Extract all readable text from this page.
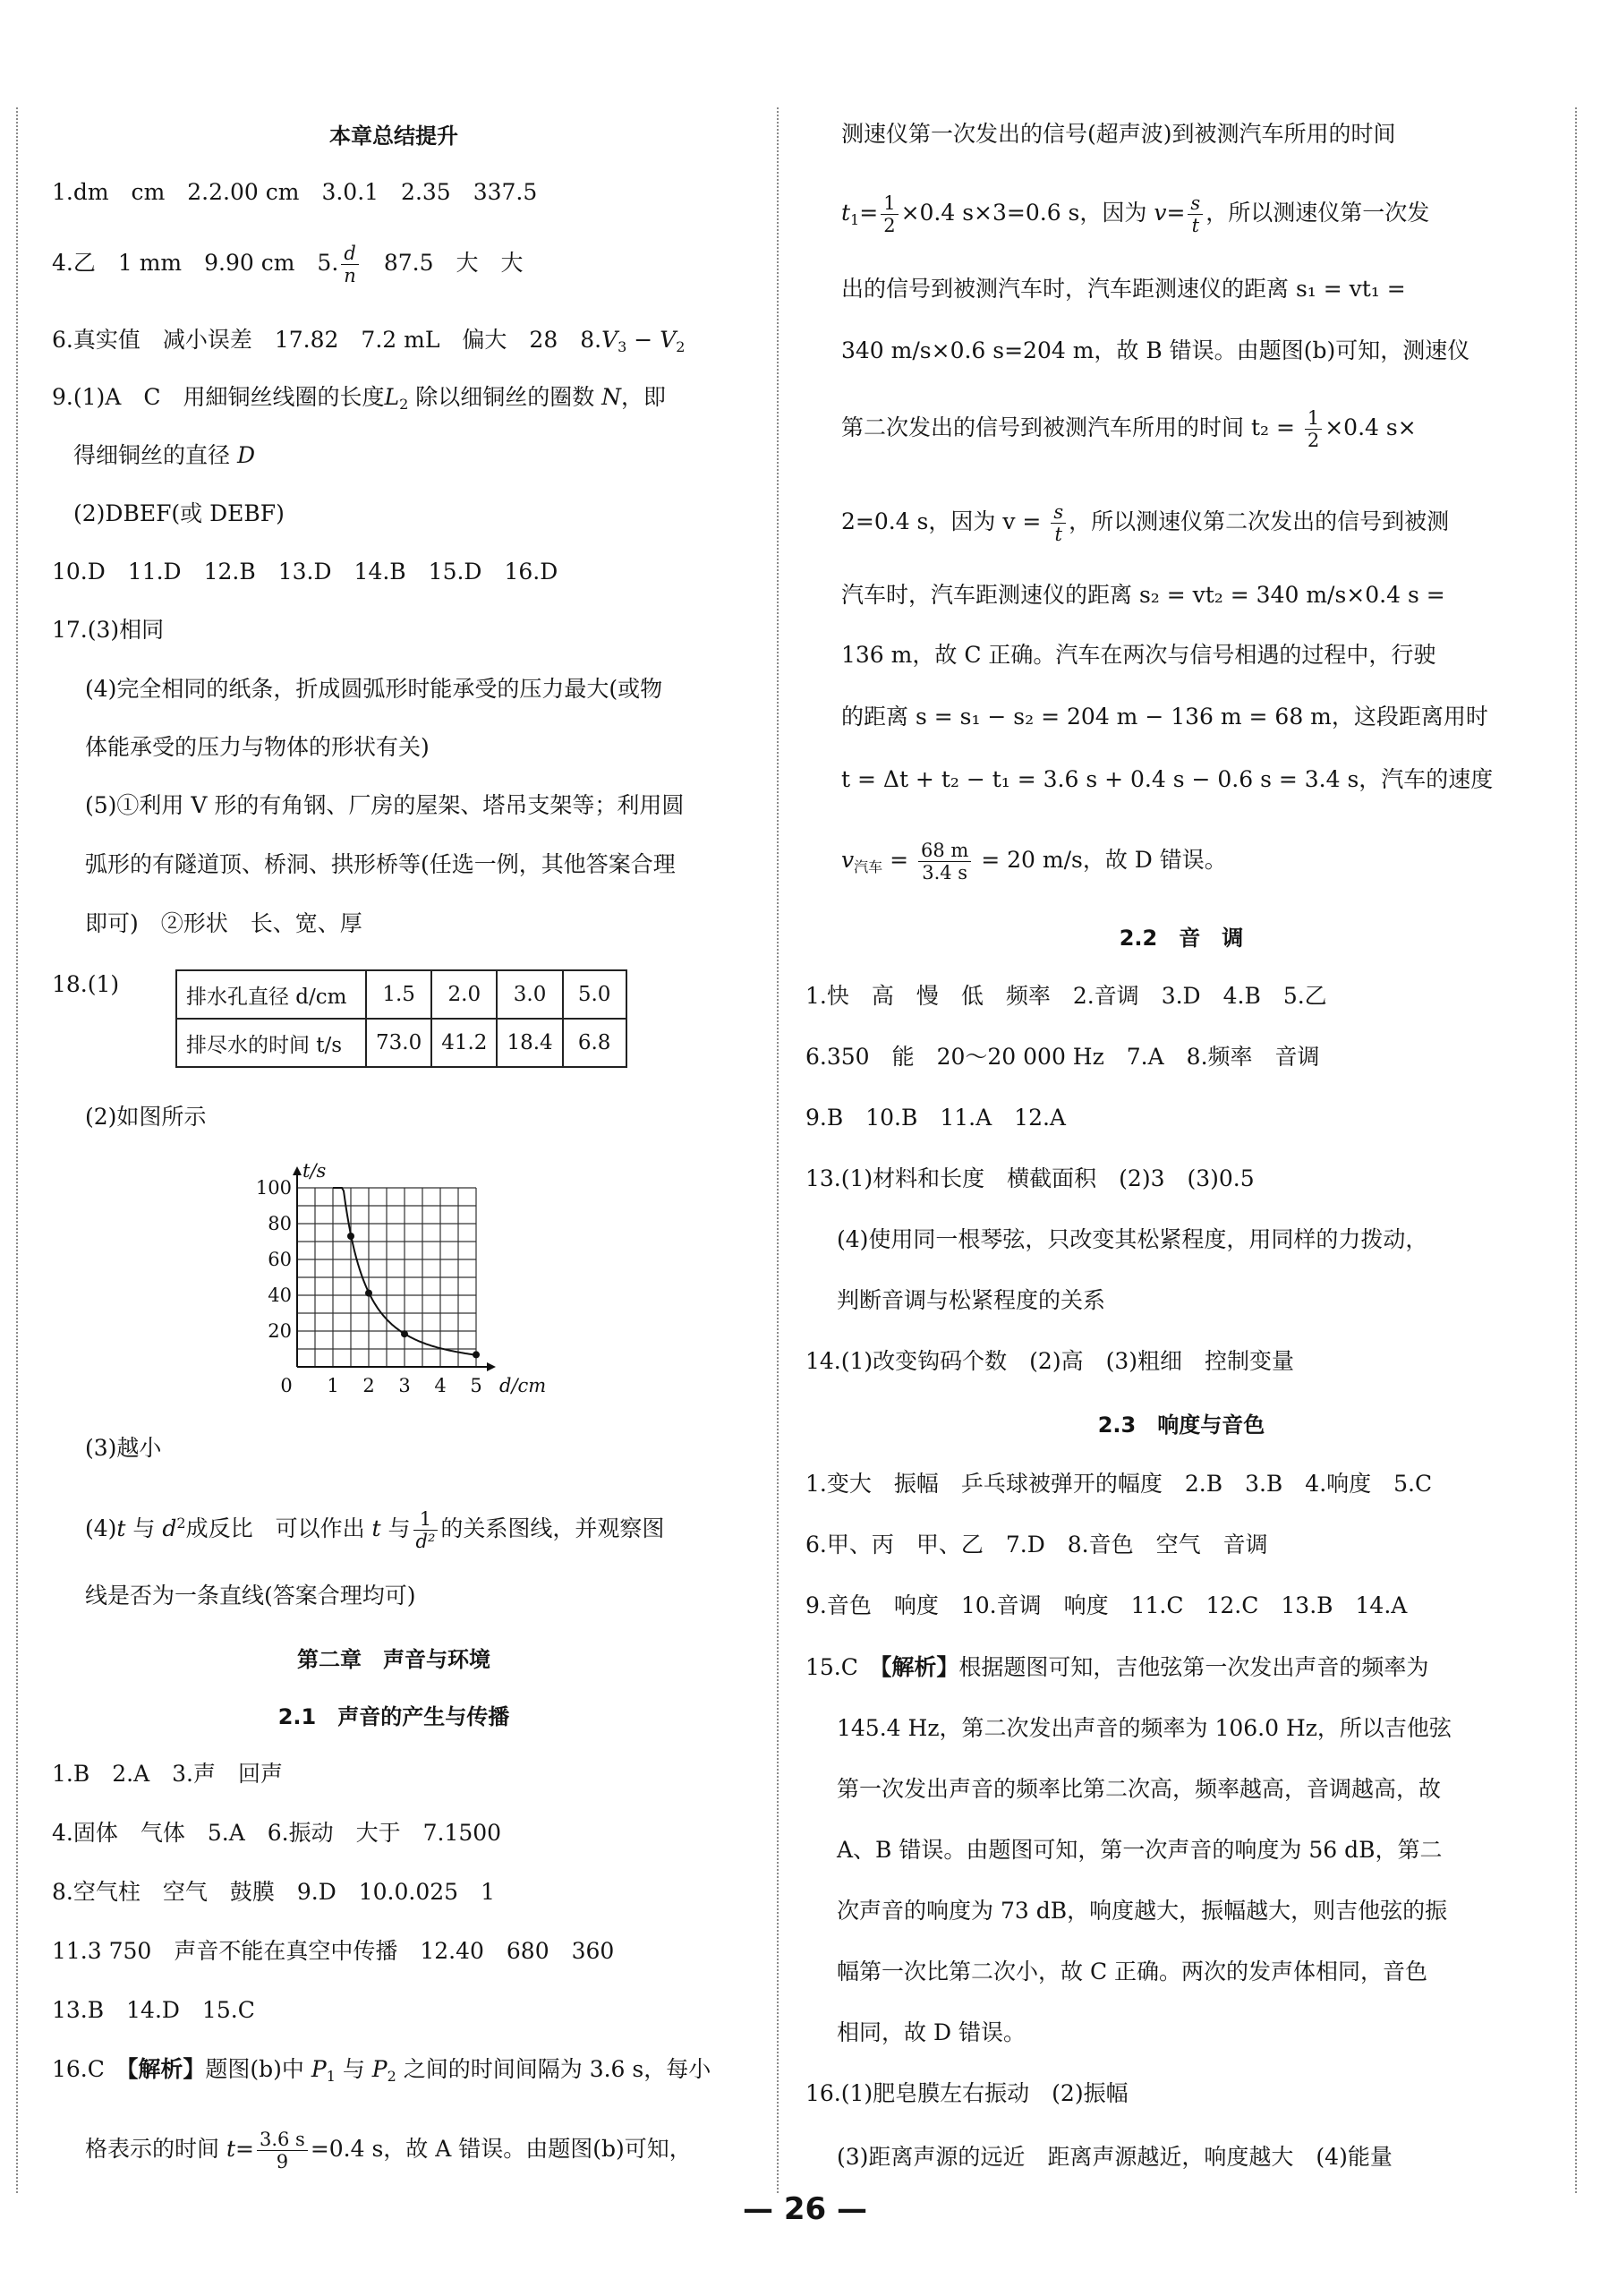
本章总结提升
1.dm　cm　2.2.00 cm　3.0.1　2.35　337.5
4.乙　1 mm　9.90 cm　5. $\frac{d}{n}$ 　87.5　大　大
6.真实值　减小误差　17.82　7.2 mL　偏大　28　$8.V_3 - V_2$
9.(1)A　C　用細铜丝线圈的长度$L_2$ 除以细铜丝的圈数 N，即
得细铜丝的直径 D
(2)DBEF(或 DEBF)
10.D　11.D　12.B　13.D　14.B　15.D　16.D
17.(3)相同
(4)完全相同的纸条，折成圆弧形时能承受的压力最大(或物
体能承受的压力与物体的形状有关)
(5)①利用 V 形的有角钢、厂房的屋架、塔吊支架等；利用圆
弧形的有隧道顶、桥洞、拱形桥等(任选一例，其他答案合理
即可)　②形状　长、宽、厚
18.(1)	排水孔直径 d/cm	1.5	2.0	3.0	5.0
排尽水的时间 t/s	73.0	41.2	18.4	6.8
(2)如图所示
0 1 2 3 4 5
20
40
60
80
100
t/s
d/cm
(3)越小
(4)t 与 $d^2$成反比　可以作出 t 与 $\frac{1}{\text{d²}}$ 的关系图线，并观察图
线是否为一条直线(答案合理均可)
第二章　声音与环境
2.1　声音的产生与传播
1.B　2.A　3.声　回声
4.固体　气体　5.A　6.振动　大于　7.1500
8.空气柱　空气　鼓膜　9.D　10.0.025　1
11.3 750　声音不能在真空中传播　12.40　680　360
13.B　14.D　15.C
16.C　【解析】题图(b)中 $P_1$ 与 $P_2$ 之间的时间间隔为 3.6 s，每小
格表示的时间 $t= \frac{3.6 s}{9} =0.4$ s，故 A 错误。由题图(b)可知，
测速仪第一次发出的信号(超声波)到被测汽车所用的时间
$t_1= \frac{1}{2} \times 0.4$ s×3=0.6 s，因为 $v= \frac{s}{t}$ ，所以测速仪第一次发
出的信号到被测汽车时，汽车距测速仪的距离 s₁ = vt₁ =
340 m/s×0.6 s=204 m，故 B 错误。由题图(b)可知，测速仪
第二次发出的信号到被测汽车所用的时间 $t_2 = \frac{1}{2} \times 0.4$ s×
2=0.4 s，因为 $v = \frac{s}{t}$ ，所以测速仪第二次发出的信号到被测
汽车时，汽车距测速仪的距离 s₂ = vt₂ = 340 m/s×0.4 s =
136 m，故 C 正确。汽车在两次与信号相遇的过程中，行驶
的距离 s = s₁ − s₂ = 204 m − 136 m = 68 m，这段距离用时
t = Δt + t₂ − t₁ = 3.6 s + 0.4 s − 0.6 s = 3.4 s，汽车的速度
$v_{汽车} = \frac{68 m}{3.4 s} = 20$ m/s，故 D 错误。
2.2　音　调
1.快　高　慢　低　频率　2.音调　3.D　4.B　5.乙
6.350　能　20～20 000 Hz　7.A　8.频率　音调
9.B　10.B　11.A　12.A
13.(1)材料和长度　横截面积　(2)3　(3)0.5
(4)使用同一根琴弦，只改变其松紧程度，用同样的力拨动，
判断音调与松紧程度的关系
14.(1)改变钩码个数　(2)高　(3)粗细　控制变量
2.3　响度与音色
1.变大　振幅　乒乓球被弹开的幅度　2.B　3.B　4.响度　5.C
6.甲、丙　甲、乙　7.D　8.音色　空气　音调
9.音色　响度　10.音调　响度　11.C　12.C　13.B　14.A
15.C　【解析】根据题图可知，吉他弦第一次发出声音的频率为
145.4 Hz，第二次发出声音的频率为 106.0 Hz，所以吉他弦
第一次发出声音的频率比第二次高，频率越高，音调越高，故
A、B 错误。由题图可知，第一次声音的响度为 56 dB，第二
次声音的响度为 73 dB，响度越大，振幅越大，则吉他弦的振
幅第一次比第二次小，故 C 正确。两次的发声体相同，音色
相同，故 D 错误。
16.(1)肥皂膜左右振动　(2)振幅
(3)距离声源的远近　距离声源越近，响度越大　(4)能量
— 26 —
